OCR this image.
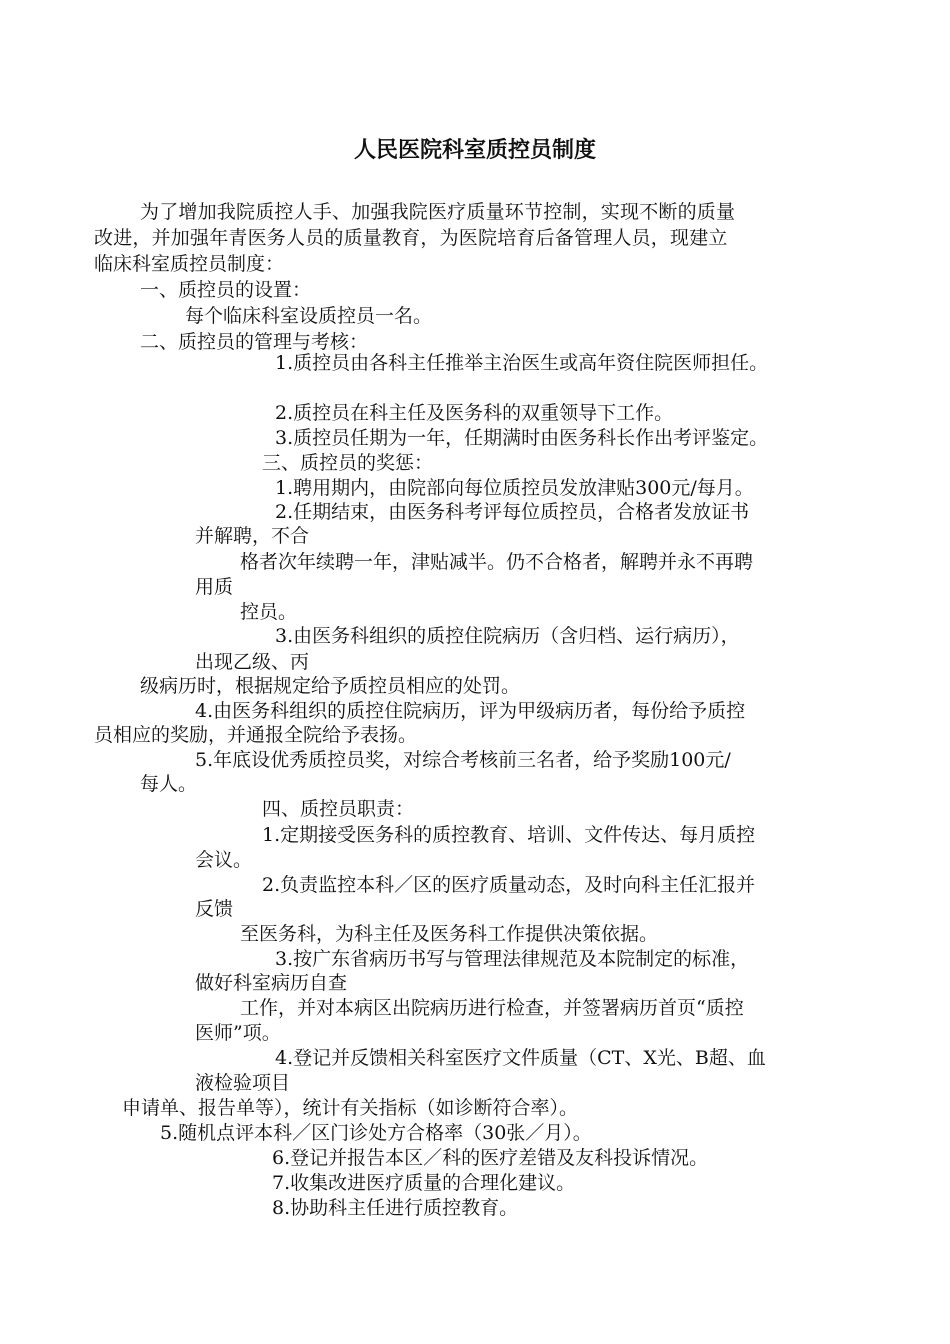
人民医院科室质控员制度
为了增加我院质控人手、加强我院医疗质量环节控制，实现不断的质量
改进，并加强年青医务人员的质量教育，为医院培育后备管理人员，现建立
临床科室质控员制度：
一、质控员的设置：
每个临床科室设质控员一名。
二、质控员的管理与考核：
1.质控员由各科主任推举主治医生或高年资住院医师担任。
2.质控员在科主任及医务科的双重领导下工作。
3.质控员任期为一年，任期满时由医务科长作出考评鉴定。
三、质控员的奖惩：
1.聘用期内，由院部向每位质控员发放津贴300元/每月。
2.任期结束，由医务科考评每位质控员，合格者发放证书
并解聘，不合
格者次年续聘一年，津贴减半。仍不合格者，解聘并永不再聘
用质
控员。
3.由医务科组织的质控住院病历（含归档、运行病历），
出现乙级、丙
级病历时，根据规定给予质控员相应的处罚。
4.由医务科组织的质控住院病历，评为甲级病历者，每份给予质控
员相应的奖励，并通报全院给予表扬。
5.年底设优秀质控员奖，对综合考核前三名者，给予奖励100元/
每人。
四、质控员职责：
1.定期接受医务科的质控教育、培训、文件传达、每月质控
会议。
2.负责监控本科／区的医疗质量动态，及时向科主任汇报并
反馈
至医务科，为科主任及医务科工作提供决策依据。
3.按广东省病历书写与管理法律规范及本院制定的标准，
做好科室病历自查
工作，并对本病区出院病历进行检查，并签署病历首页“质控
医师”项。
4.登记并反馈相关科室医疗文件质量（CT、X光、B超、血
液检验项目
申请单、报告单等），统计有关指标（如诊断符合率）。
5.随机点评本科／区门诊处方合格率（30张／月）。
6.登记并报告本区／科的医疗差错及友科投诉情况。
7.收集改进医疗质量的合理化建议。
8.协助科主任进行质控教育。
